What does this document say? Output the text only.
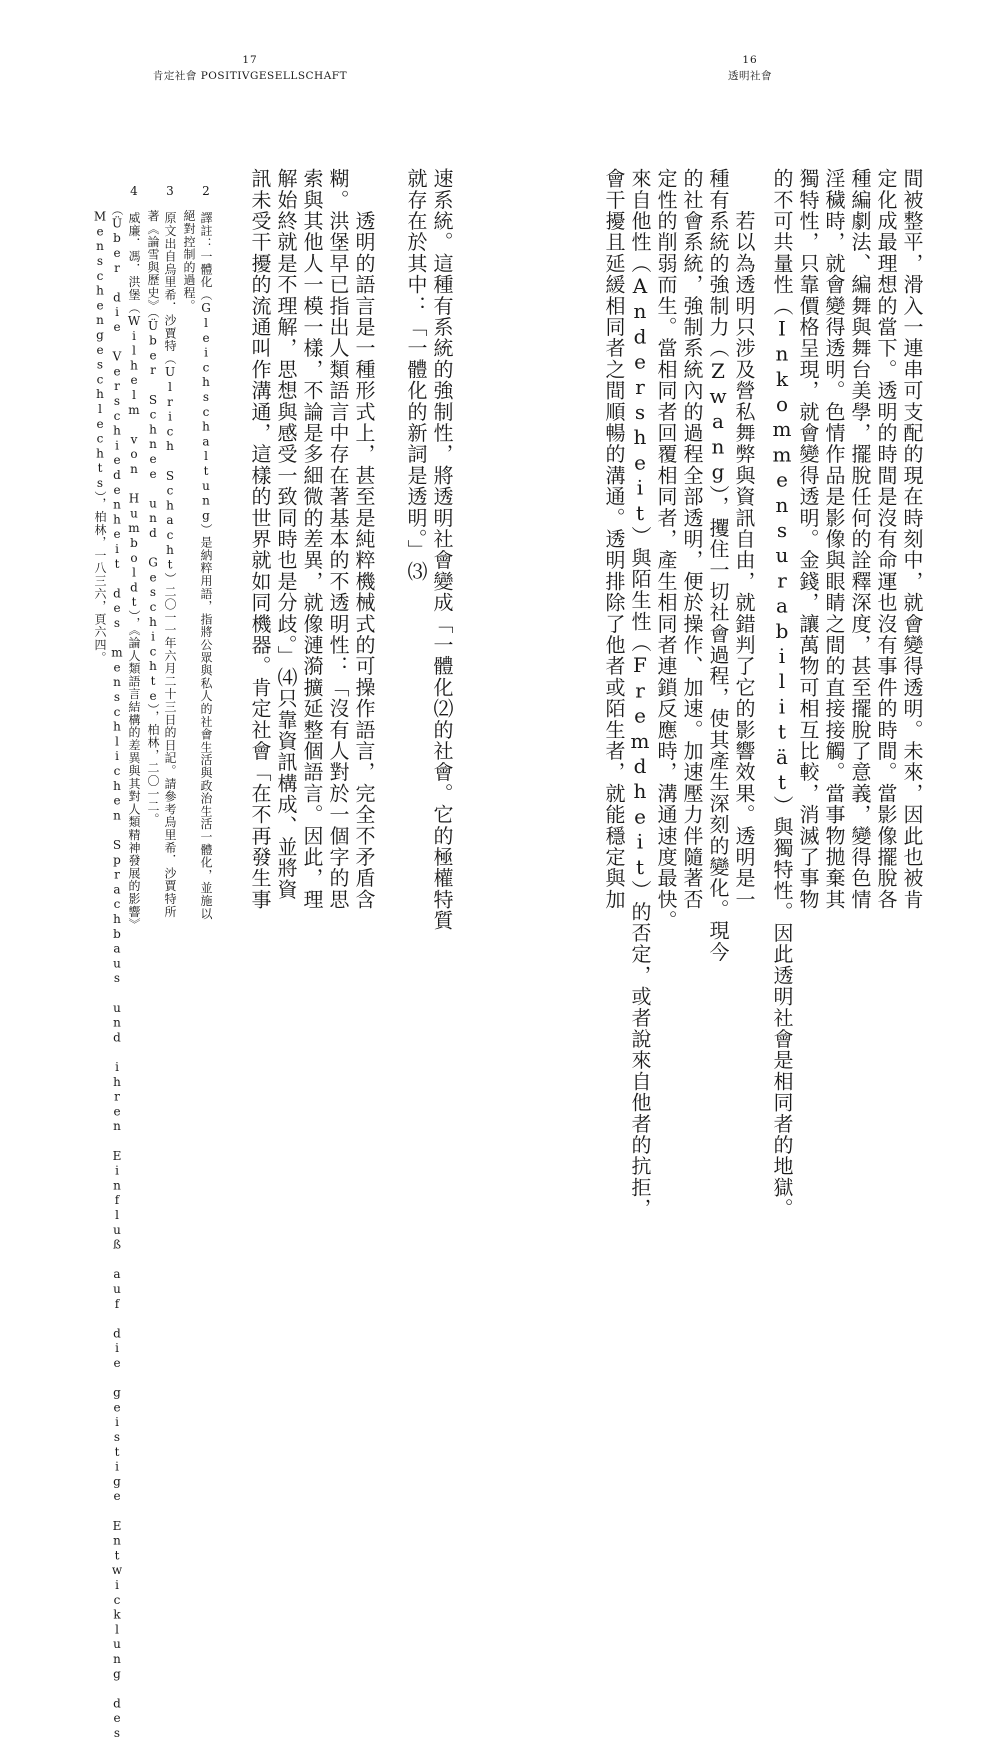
17
肯定社會 POSITIVGESELLSCHAFT
速系統。這種有系統的強制性，將透明社會變成「一體化⑵的社會。它的極權特質
就存在於其中：「一體化的新詞是透明。」⑶
　　透明的語言是一種形式上，甚至是純粹機械式的可操作語言，完全不矛盾含
糊。洪堡早已指出人類語言中存在著基本的不透明性：「沒有人對於一個字的思
索與其他人一模一樣，不論是多細微的差異，就像漣漪擴延整個語言。因此，理
解始終就是不理解，思想與感受一致同時也是分歧。」⑷只靠資訊構成、並將資
訊未受干擾的流通叫作溝通，這樣的世界就如同機器。肯定社會「在不再發生事
2　譯註：一體化（Gleichschaltung）是納粹用語，指將公眾與私人的社會生活與政治生活一體化，並施以
　　絕對控制的過程。
3　原文出自烏里希．沙賈特（Ulrich Schacht）二〇一一年六月二十三日的日記。請參考烏里希．沙賈特所
　　著《論雪與歷史》（Über Schnee und Geschichte），柏林，二〇一二。
4　威廉．馮．洪堡（Wilhelm von Humboldt），《論人類語言結構的差異與其對人類精神發展的影響》
　　（Über die Verschiedenheit des menschlichen Sprachbaus und ihren Einfluß auf die geistige Entwicklung des
　　Menschengeschlechts），柏林，一八三六，頁六四。
16
透明社會
間被整平，滑入一連串可支配的現在時刻中，就會變得透明。未來，因此也被肯
定化成最理想的當下。透明的時間是沒有命運也沒有事件的時間。當影像擺脫各
種編劇法、編舞與舞台美學，擺脫任何的詮釋深度，甚至擺脫了意義，變得色情
淫穢時，就會變得透明。色情作品是影像與眼睛之間的直接接觸。當事物拋棄其
獨特性，只靠價格呈現，就會變得透明。金錢，讓萬物可相互比較，消滅了事物
的不可共量性（Inkommensurabilität）與獨特性。因此透明社會是相同者的地獄。
　　若以為透明只涉及營私舞弊與資訊自由，就錯判了它的影響效果。透明是一
種有系統的強制力（Zwang），攫住一切社會過程，使其產生深刻的變化。現今
的社會系統，強制系統內的過程全部透明，便於操作、加速。加速壓力伴隨著否
定性的削弱而生。當相同者回覆相同者，產生相同者連鎖反應時，溝通速度最快。
來自他性（Andersheit）與陌生性（Fremdheit）的否定，或者說來自他者的抗拒，
會干擾且延緩相同者之間順暢的溝通。透明排除了他者或陌生者，就能穩定與加
